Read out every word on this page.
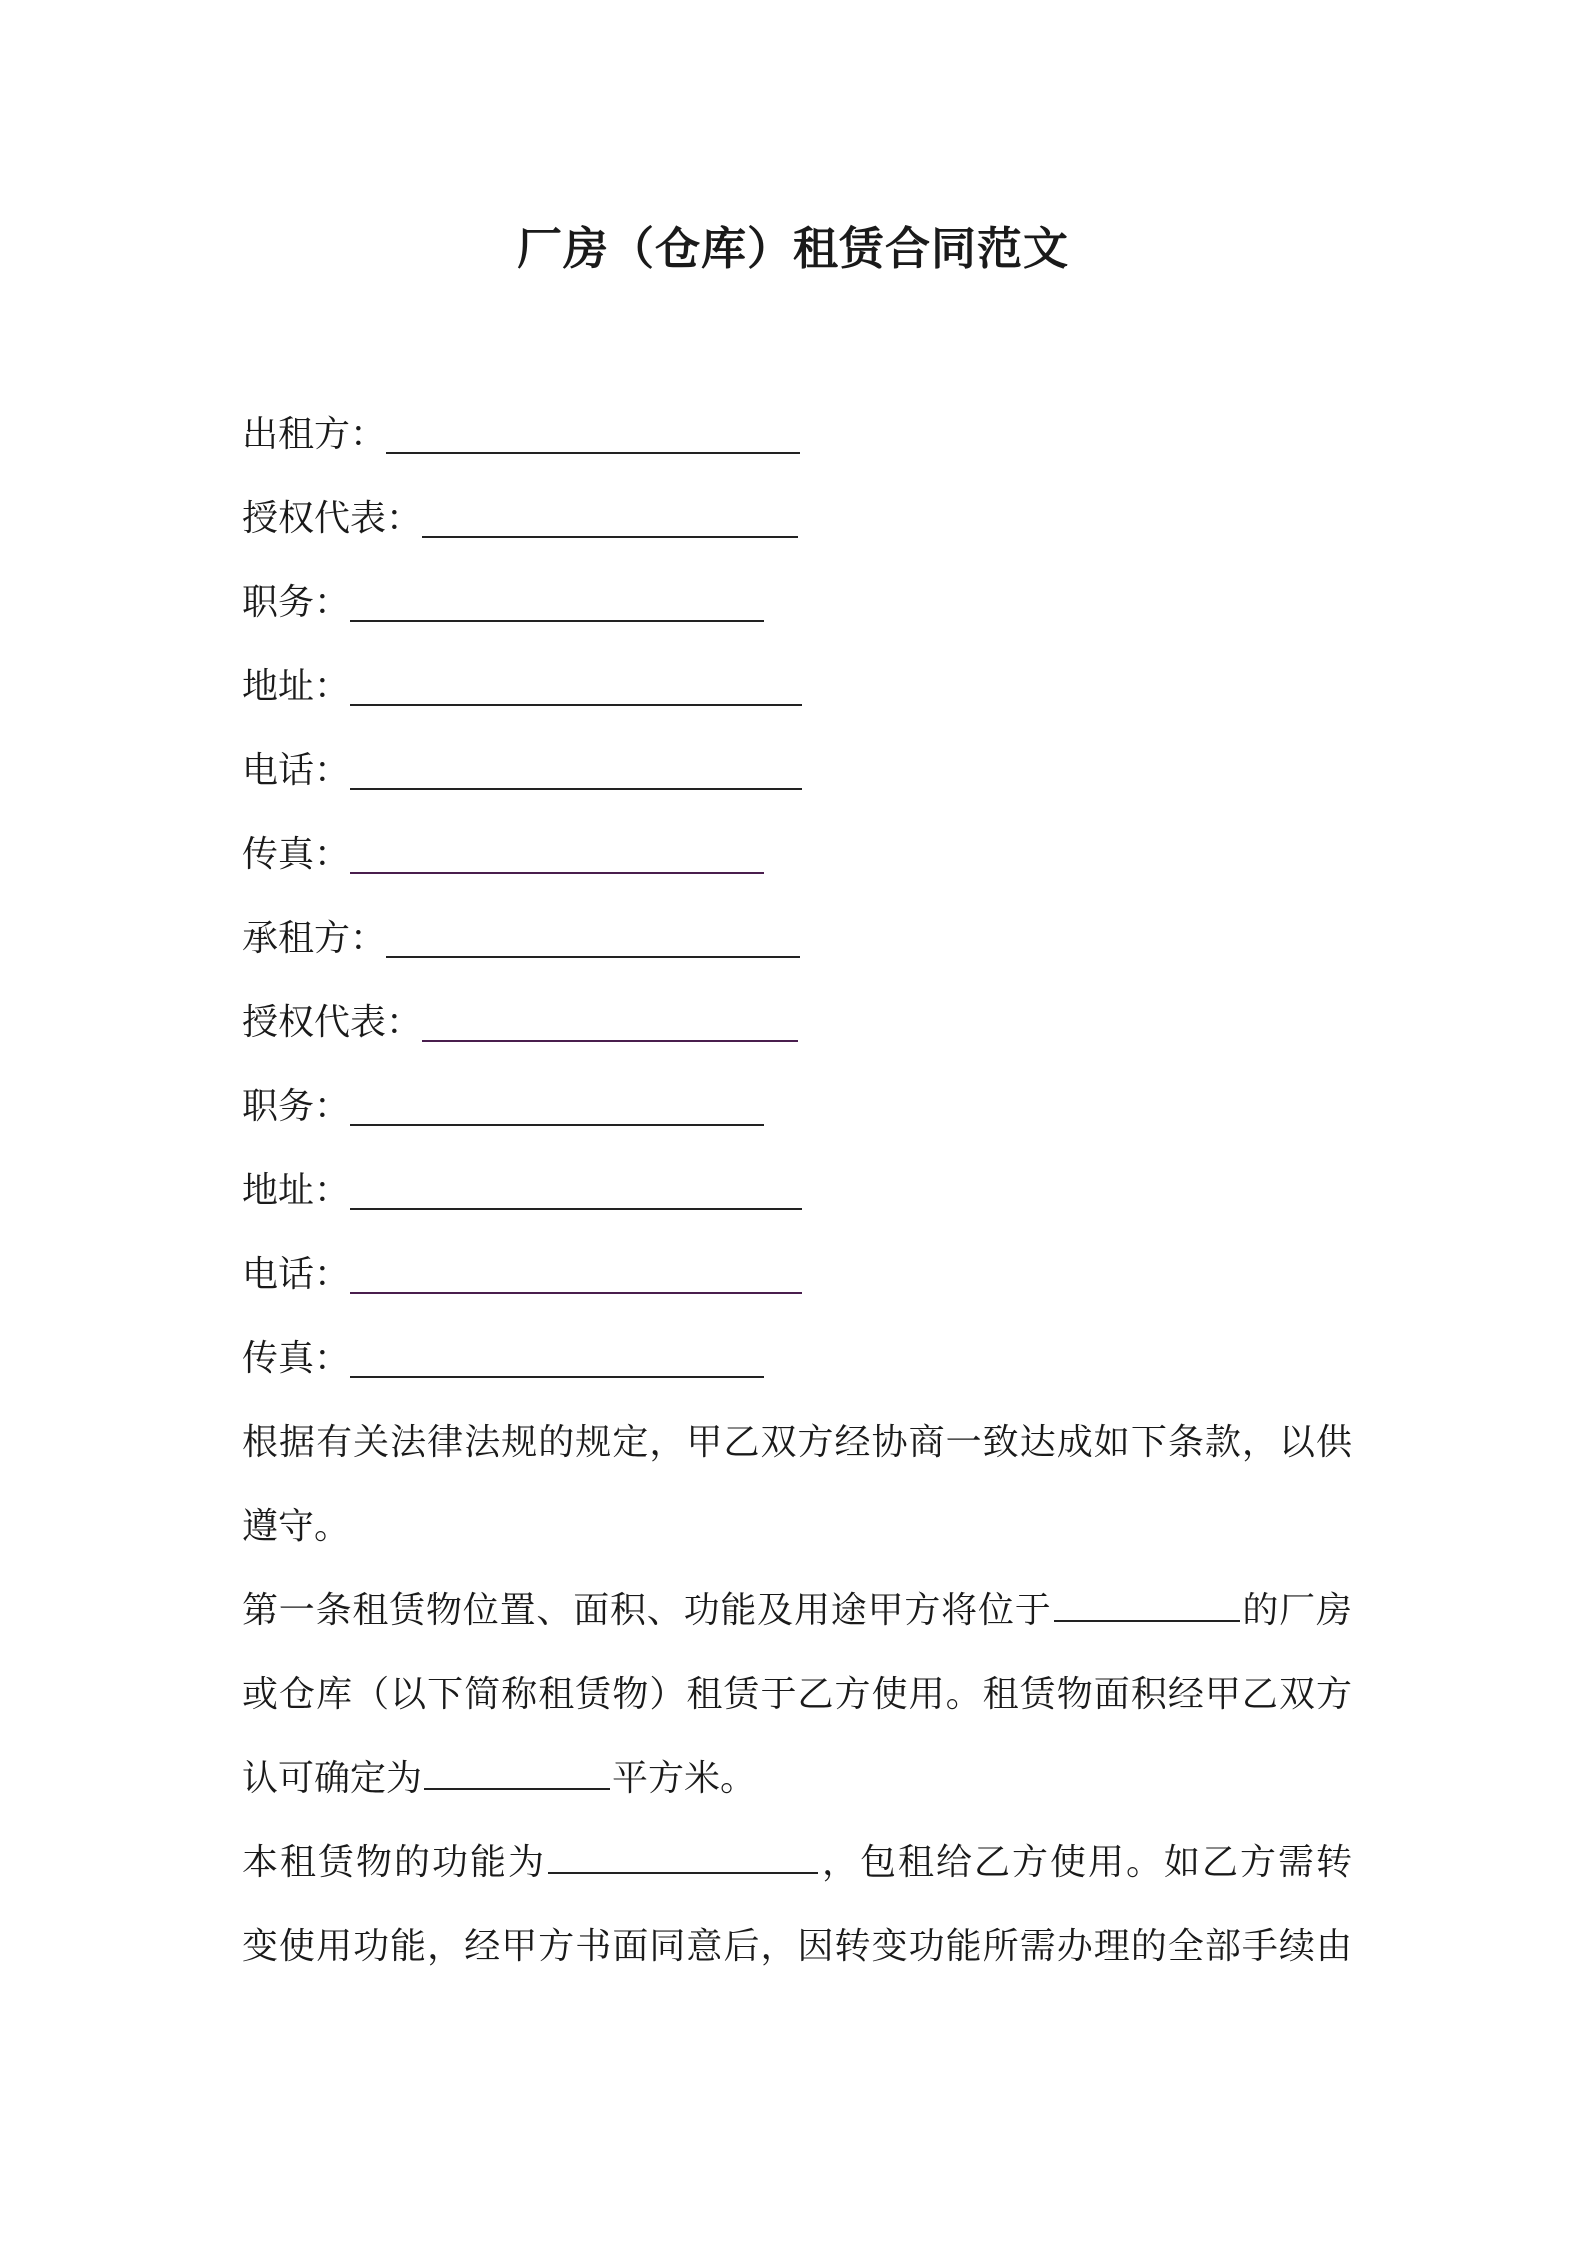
厂房（仓库）租赁合同范文
出租方：
授权代表：
职务：
地址：
电话：
传真：
承租方：
授权代表：
职务：
地址：
电话：
传真：

根据有关法律法规的规定，甲乙双方经协商一致达成如下条款，以供

遵守。

第一条租赁物位置、面积、功能及用途甲方将位于	的厂房

或仓库（以下简称租赁物）租赁于乙方使用。租赁物面积经甲乙双方

认可确定为	平方米。

本租赁物的功能为	，包租给乙方使用。如乙方需转

变使用功能，经甲方书面同意后，因转变功能所需办理的全部手续由
